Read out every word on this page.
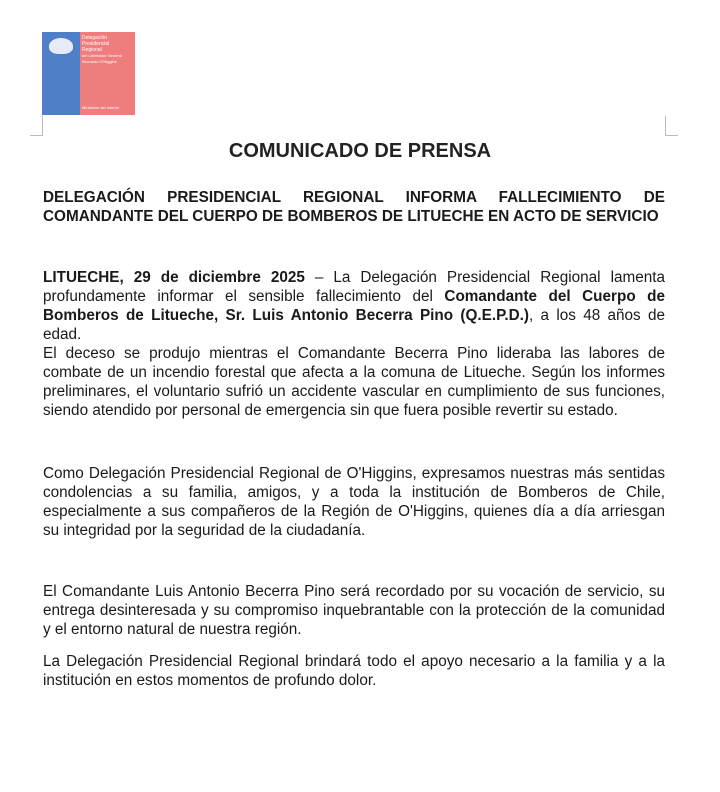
Delegación
Presidencial
Regional
del Libertador General
Bernardo O'Higgins
Ministerio del Interior
COMUNICADO DE PRENSA
DELEGACIÓN PRESIDENCIAL REGIONAL INFORMA FALLECIMIENTO DE COMANDANTE DEL CUERPO DE BOMBEROS DE LITUECHE EN ACTO DE SERVICIO

LITUECHE, 29 de diciembre 2025 – La Delegación Presidencial Regional lamenta profundamente informar el sensible fallecimiento del Comandante del Cuerpo de Bomberos de Litueche, Sr. Luis Antonio Becerra Pino (Q.E.P.D.), a los 48 años de edad.

El deceso se produjo mientras el Comandante Becerra Pino lideraba las labores de combate de un incendio forestal que afecta a la comuna de Litueche. Según los informes preliminares, el voluntario sufrió un accidente vascular en cumplimiento de sus funciones, siendo atendido por personal de emergencia sin que fuera posible revertir su estado.

Como Delegación Presidencial Regional de O'Higgins, expresamos nuestras más sentidas condolencias a su familia, amigos, y a toda la institución de Bomberos de Chile, especialmente a sus compañeros de la Región de O'Higgins, quienes día a día arriesgan su integridad por la seguridad de la ciudadanía.
El Comandante Luis Antonio Becerra Pino será recordado por su vocación de servicio, su entrega desinteresada y su compromiso inquebrantable con la protección de la comunidad y el entorno natural de nuestra región.
La Delegación Presidencial Regional brindará todo el apoyo necesario a la familia y a la institución en estos momentos de profundo dolor.
